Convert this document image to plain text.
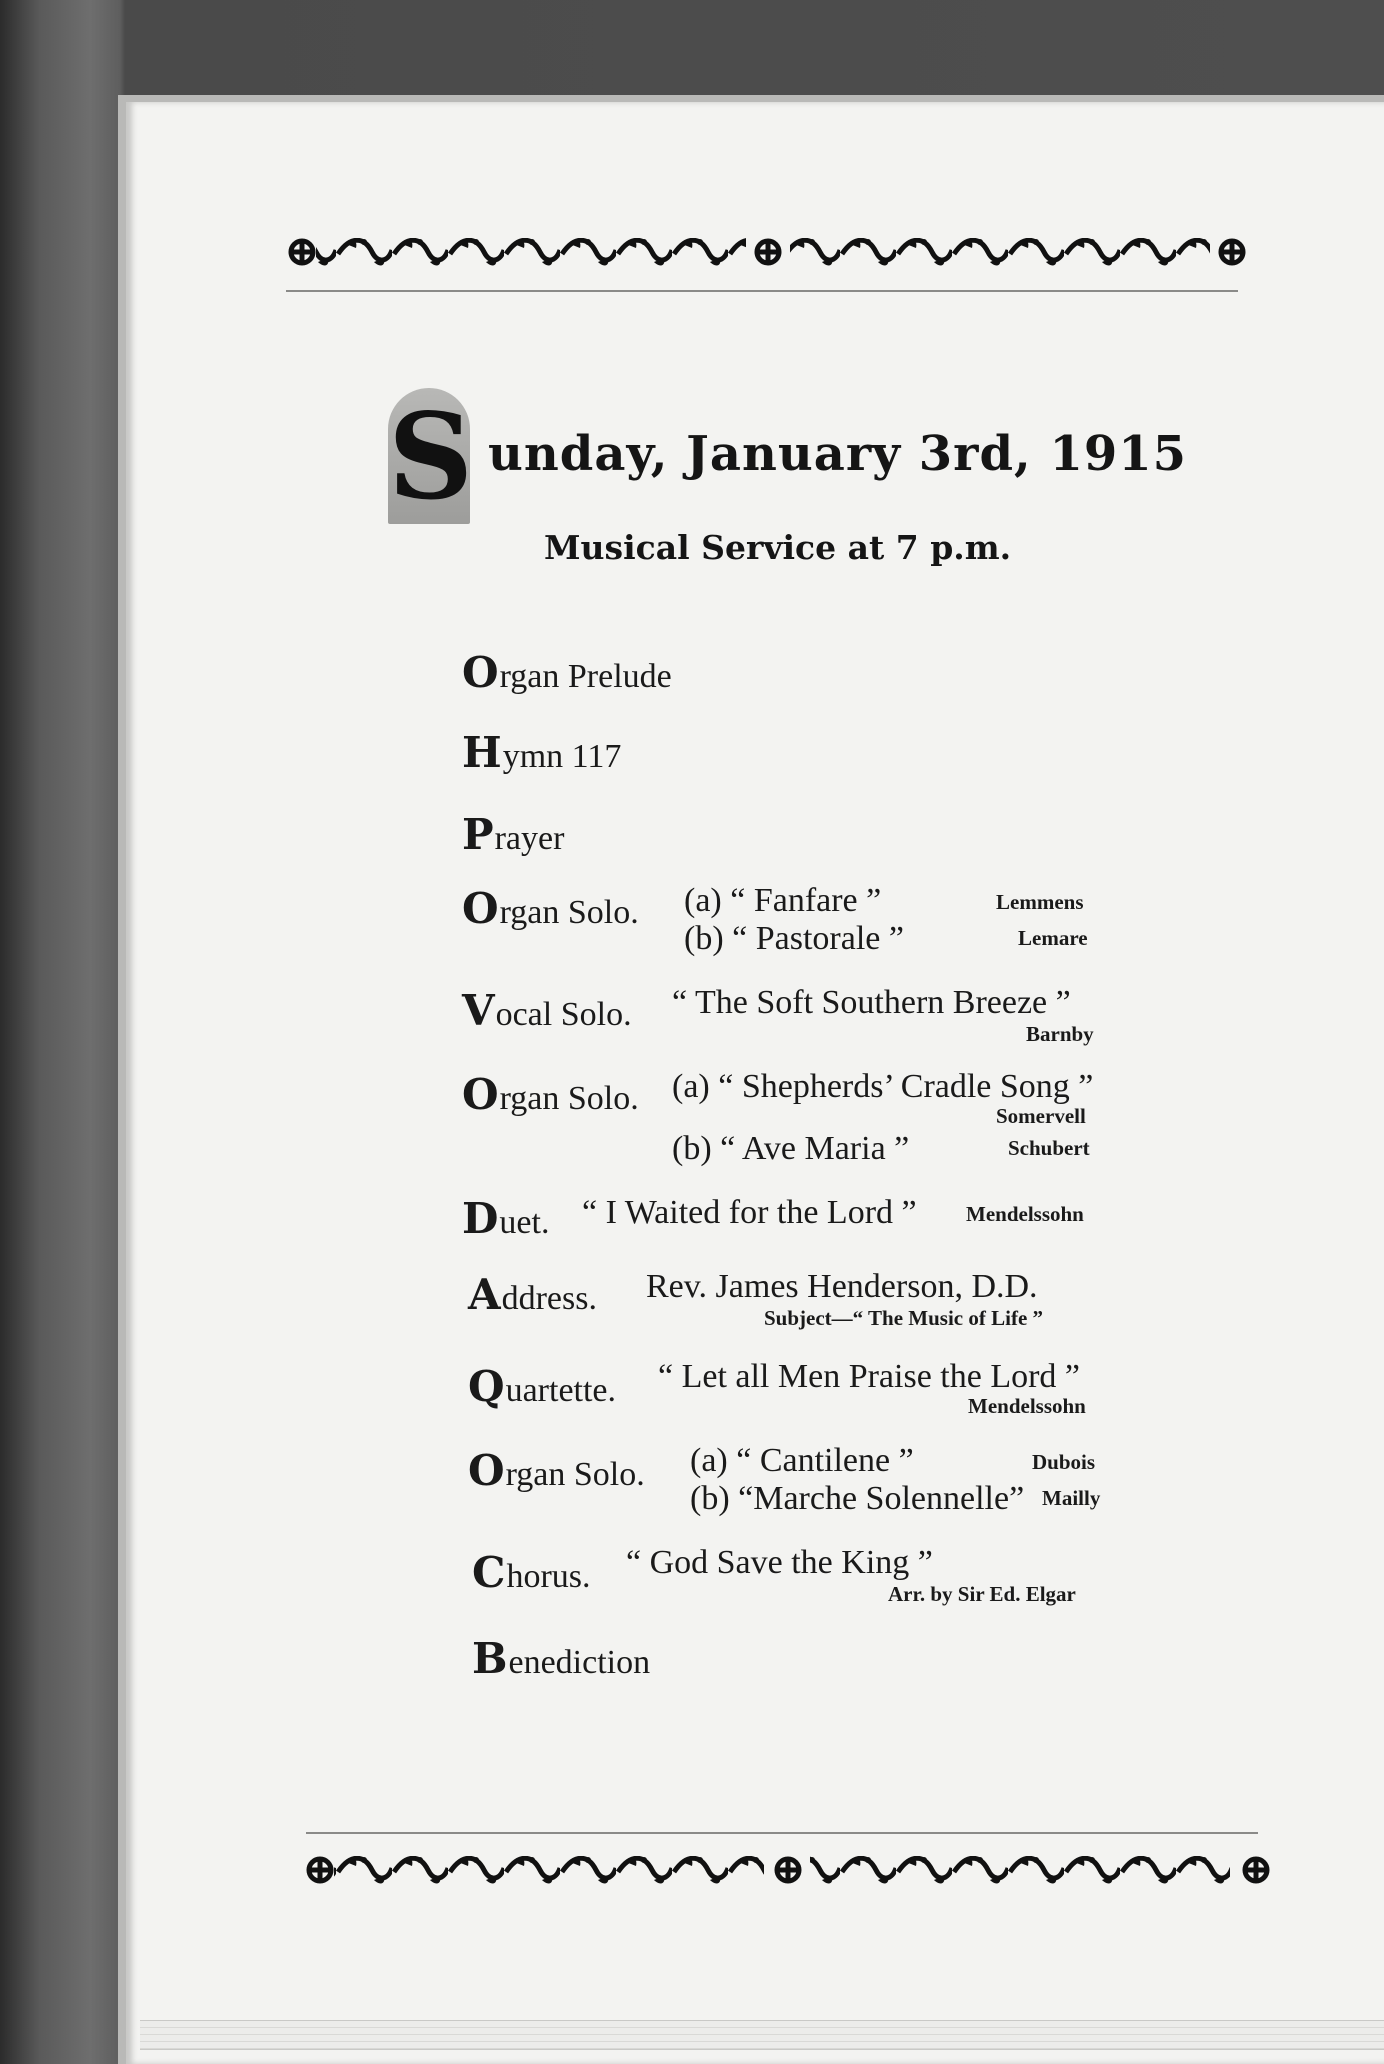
S unday, January 3rd, 1915
Musical Service at 7 p.m.
Organ Prelude
Hymn 117
Prayer
Organ Solo. (a) “ Fanfare ”	Lemmens
(b) “ Pastorale ”	Lemare
Vocal Solo. “ The Soft Southern Breeze ”
Barnby
Organ Solo. (a) “ Shepherds’ Cradle Song ”
Somervell
(b) “ Ave Maria ”	Schubert
Duet. “ I Waited for the Lord ” Mendelssohn
Address. Rev. James Henderson, D.D.
Subject—“ The Music of Life ”
Quartette. “ Let all Men Praise the Lord ”
Mendelssohn
Organ Solo. (a) “ Cantilene ”	Dubois
(b) “Marche Solennelle” Mailly
Chorus. “ God Save the King ”
Arr. by Sir Ed. Elgar
Benediction
